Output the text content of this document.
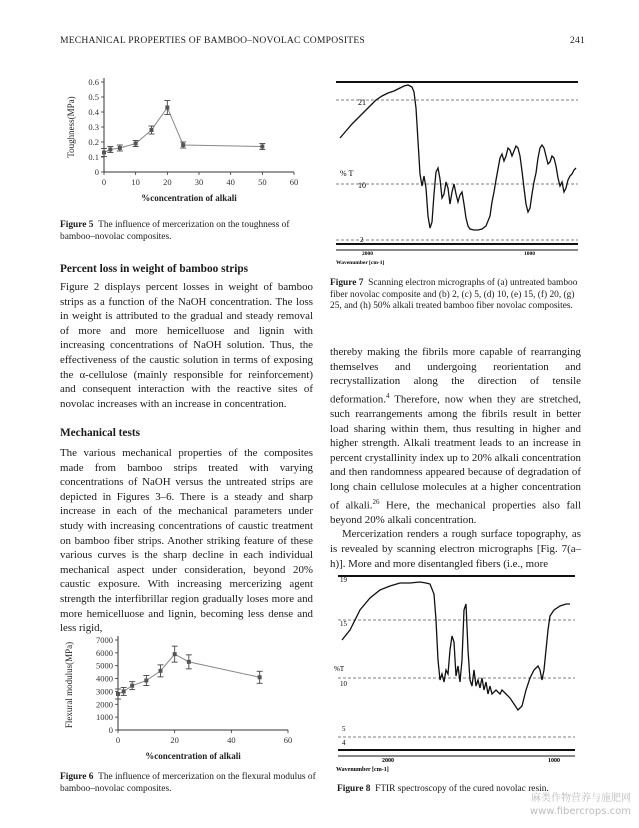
MECHANICAL PROPERTIES OF BAMBOO–NOVOLAC COMPOSITES	241
0
0.1
0.2
0.3
0.4
0.5
0.6
0	10	20	30	40	50	60
%concentration of alkali
Toughness(MPa)
Figure 5 The influence of mercerization on the toughness of bamboo–novolac composites.
Percent loss in weight of bamboo strips

Figure 2 displays percent losses in weight of bamboo strips as a function of the NaOH concentration. The loss in weight is attributed to the gradual and steady removal of more and more hemicelluose and lignin with increasing concentrations of NaOH solution. Thus, the effectiveness of the caustic solution in terms of exposing the α-cellulose (mainly responsible for reinforcement) and consequent interaction with the reactive sites of novolac increases with an increase in concentration.

Mechanical tests

The various mechanical properties of the composites made from bamboo strips treated with varying concentrations of NaOH versus the untreated strips are depicted in Figures 3–6. There is a steady and sharp increase in each of the mechanical parameters under study with increasing concentrations of caustic treatment on bamboo fiber strips. Another striking feature of these various curves is the sharp decline in each individual mechanical aspect under consideration, beyond 20% caustic exposure. With increasing mercerizing agent strength the interfibrillar region gradually loses more and more hemicelluose and lignin, becoming less dense and less rigid,

0
1000
2000
3000
4000
5000
6000
7000
0	20	40	60
%concentration of alkali
Flexural modulus(MPa)
Figure 6 The influence of mercerization on the flexural modulus of bamboo–novolac composites.
21
% T
10
2
2000	1000
Wavenumber [cm-1]
Figure 7 Scanning electron micrographs of (a) untreated bamboo fiber novolac composite and (b) 2, (c) 5, (d) 10, (e) 15, (f) 20, (g) 25, and (h) 50% alkali treated bamboo fiber novolac composites.

thereby making the fibrils more capable of rearranging themselves and undergoing reorientation and recrystallization along the direction of tensile deformation.$^4$ Therefore, now when they are stretched, such rearrangements among the fibrils result in better load sharing within them, thus resulting in higher and higher strength. Alkali treatment leads to an increase in percent crystallinity index up to 20% alkali concentration and then randomness appeared because of degradation of long chain cellulose molecules at a higher concentration of alkali.$^{26}$ Here, the mechanical properties also fall beyond 20% alkali concentration.

Mercerization renders a rough surface topography, as is revealed by scanning electron micrographs [Fig. 7(a–h)]. More and more disentangled fibers (i.e., more

19
15
%T
10
5
4
2000	1000
Wavenumber [cm-1]
Figure 8 FTIR spectroscopy of the cured novolac resin.
麻类作物营养与施肥网
www.fibercrops.com
